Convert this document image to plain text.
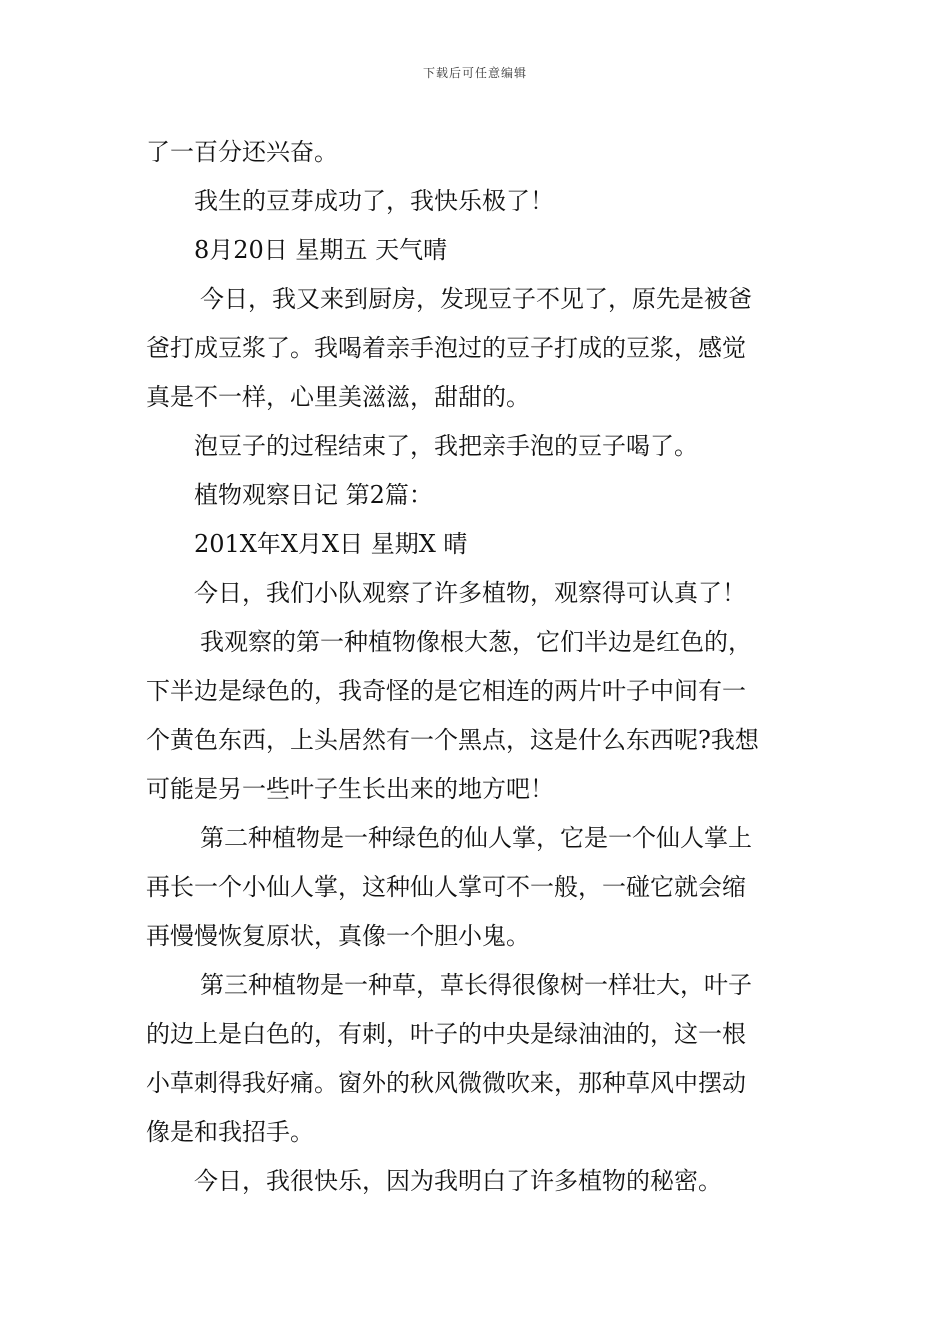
下载后可任意编辑
了一百分还兴奋。
我生的豆芽成功了，我快乐极了！
8月20日 星期五 天气晴
今日，我又来到厨房，发现豆子不见了，原先是被爸
爸打成豆浆了。我喝着亲手泡过的豆子打成的豆浆，感觉
真是不一样，心里美滋滋，甜甜的。
泡豆子的过程结束了，我把亲手泡的豆子喝了。
植物观察日记 第2篇：
201X年X月X日 星期X 晴
今日，我们小队观察了许多植物，观察得可认真了！
我观察的第一种植物像根大葱，它们半边是红色的，
下半边是绿色的，我奇怪的是它相连的两片叶子中间有一
个黄色东西，上头居然有一个黑点，这是什么东西呢?我想
可能是另一些叶子生长出来的地方吧！
第二种植物是一种绿色的仙人掌，它是一个仙人掌上
再长一个小仙人掌，这种仙人掌可不一般，一碰它就会缩
再慢慢恢复原状，真像一个胆小鬼。
第三种植物是一种草，草长得很像树一样壮大，叶子
的边上是白色的，有刺，叶子的中央是绿油油的，这一根
小草刺得我好痛。窗外的秋风微微吹来，那种草风中摆动
像是和我招手。
今日，我很快乐，因为我明白了许多植物的秘密。
